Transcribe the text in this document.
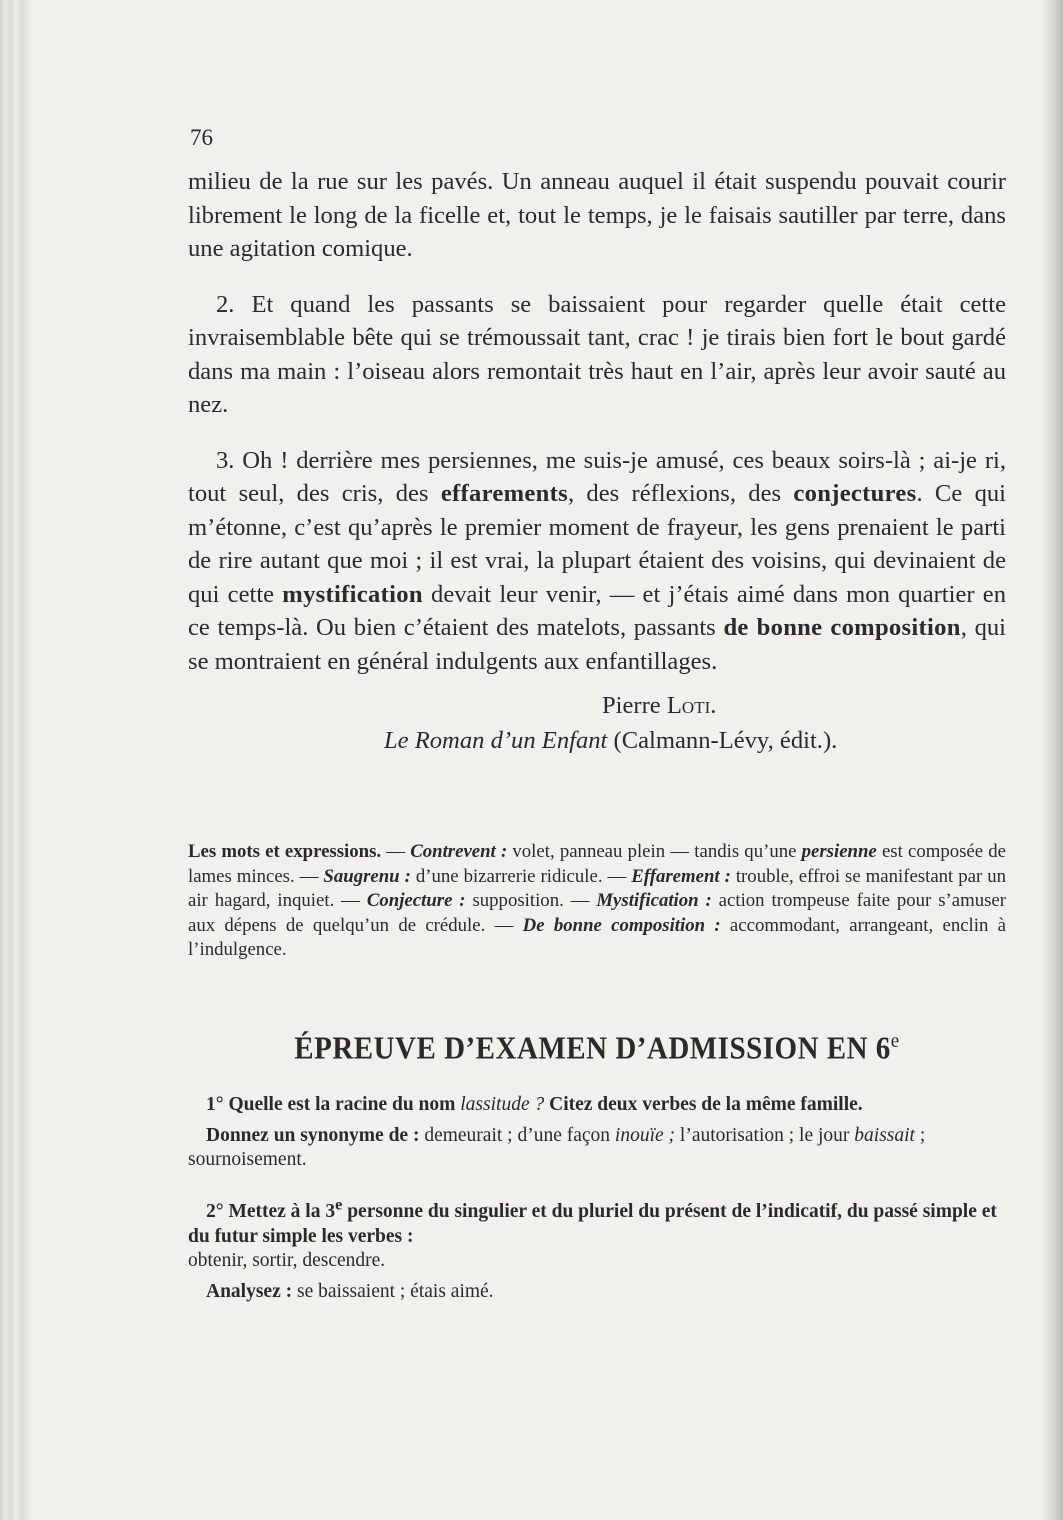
76

milieu de la rue sur les pavés. Un anneau auquel il était suspendu pouvait courir librement le long de la ficelle et, tout le temps, je le faisais sautiller par terre, dans une agitation comique.

2. Et quand les passants se baissaient pour regarder quelle était cette invraisemblable bête qui se trémoussait tant, crac ! je tirais bien fort le bout gardé dans ma main : l’oiseau alors remontait très haut en l’air, après leur avoir sauté au nez.

3. Oh ! derrière mes persiennes, me suis-je amusé, ces beaux soirs-là ; ai-je ri, tout seul, des cris, des effarements, des réflexions, des conjectures. Ce qui m’étonne, c’est qu’après le premier moment de frayeur, les gens prenaient le parti de rire autant que moi ; il est vrai, la plupart étaient des voisins, qui devinaient de qui cette mystification devait leur venir, — et j’étais aimé dans mon quartier en ce temps-là. Ou bien c’étaient des matelots, passants de bonne composition, qui se montraient en général indulgents aux enfantillages.

Pierre Loti.
Le Roman d’un Enfant (Calmann-Lévy, édit.).
Les mots et expressions. — Contrevent : volet, panneau plein — tandis qu’une persienne est composée de lames minces. — Saugrenu : d’une bizarrerie ridicule. — Effarement : trouble, effroi se manifestant par un air hagard, inquiet. — Conjecture : supposition. — Mystification : action trompeuse faite pour s’amuser aux dépens de quelqu’un de crédule. — De bonne composition : accommodant, arrangeant, enclin à l’indulgence.
ÉPREUVE D’EXAMEN D’ADMISSION EN 6e

1° Quelle est la racine du nom lassitude ? Citez deux verbes de la même famille.

Donnez un synonyme de : demeurait ; d’une façon inouïe ; l’autorisation ; le jour baissait ; sournoisement.

2° Mettez à la 3e personne du singulier et du pluriel du présent de l’indicatif, du passé simple et du futur simple les verbes :

obtenir, sortir, descendre.

Analysez : se baissaient ; étais aimé.
